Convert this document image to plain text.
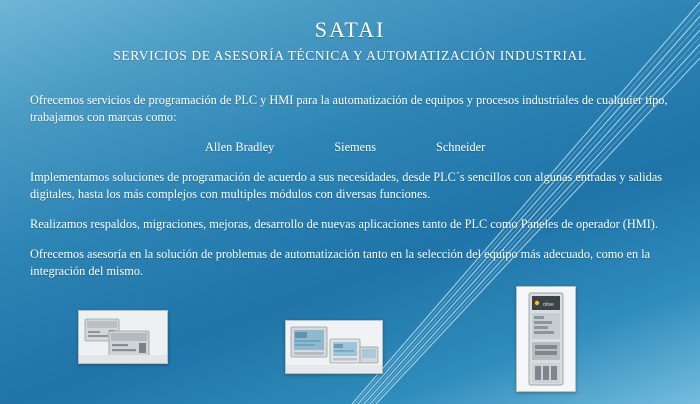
SATAI
SERVICIOS DE ASESORÍA TÉCNICA Y AUTOMATIZACIÓN INDUSTRIAL

Ofrecemos servicios de programación de PLC y HMI para la automatización de equipos y procesos industriales de cualquier tipo, trabajamos con marcas como:

Allen Bradley	Siemens	Schneider

Implementamos soluciones de programación de acuerdo a sus necesidades, desde PLC´s sencillos con algunas entradas y salidas digitales, hasta los más complejos con multiples módulos con diversas funciones.

Realizamos respaldos, migraciones, mejoras, desarrollo de nuevas aplicaciones tanto de PLC como Paneles de operador (HMI).

Ofrecemos asesoría en la solución de problemas de automatización tanto en la selección del equipo más adecuado, como en la integración del mismo.

drive
